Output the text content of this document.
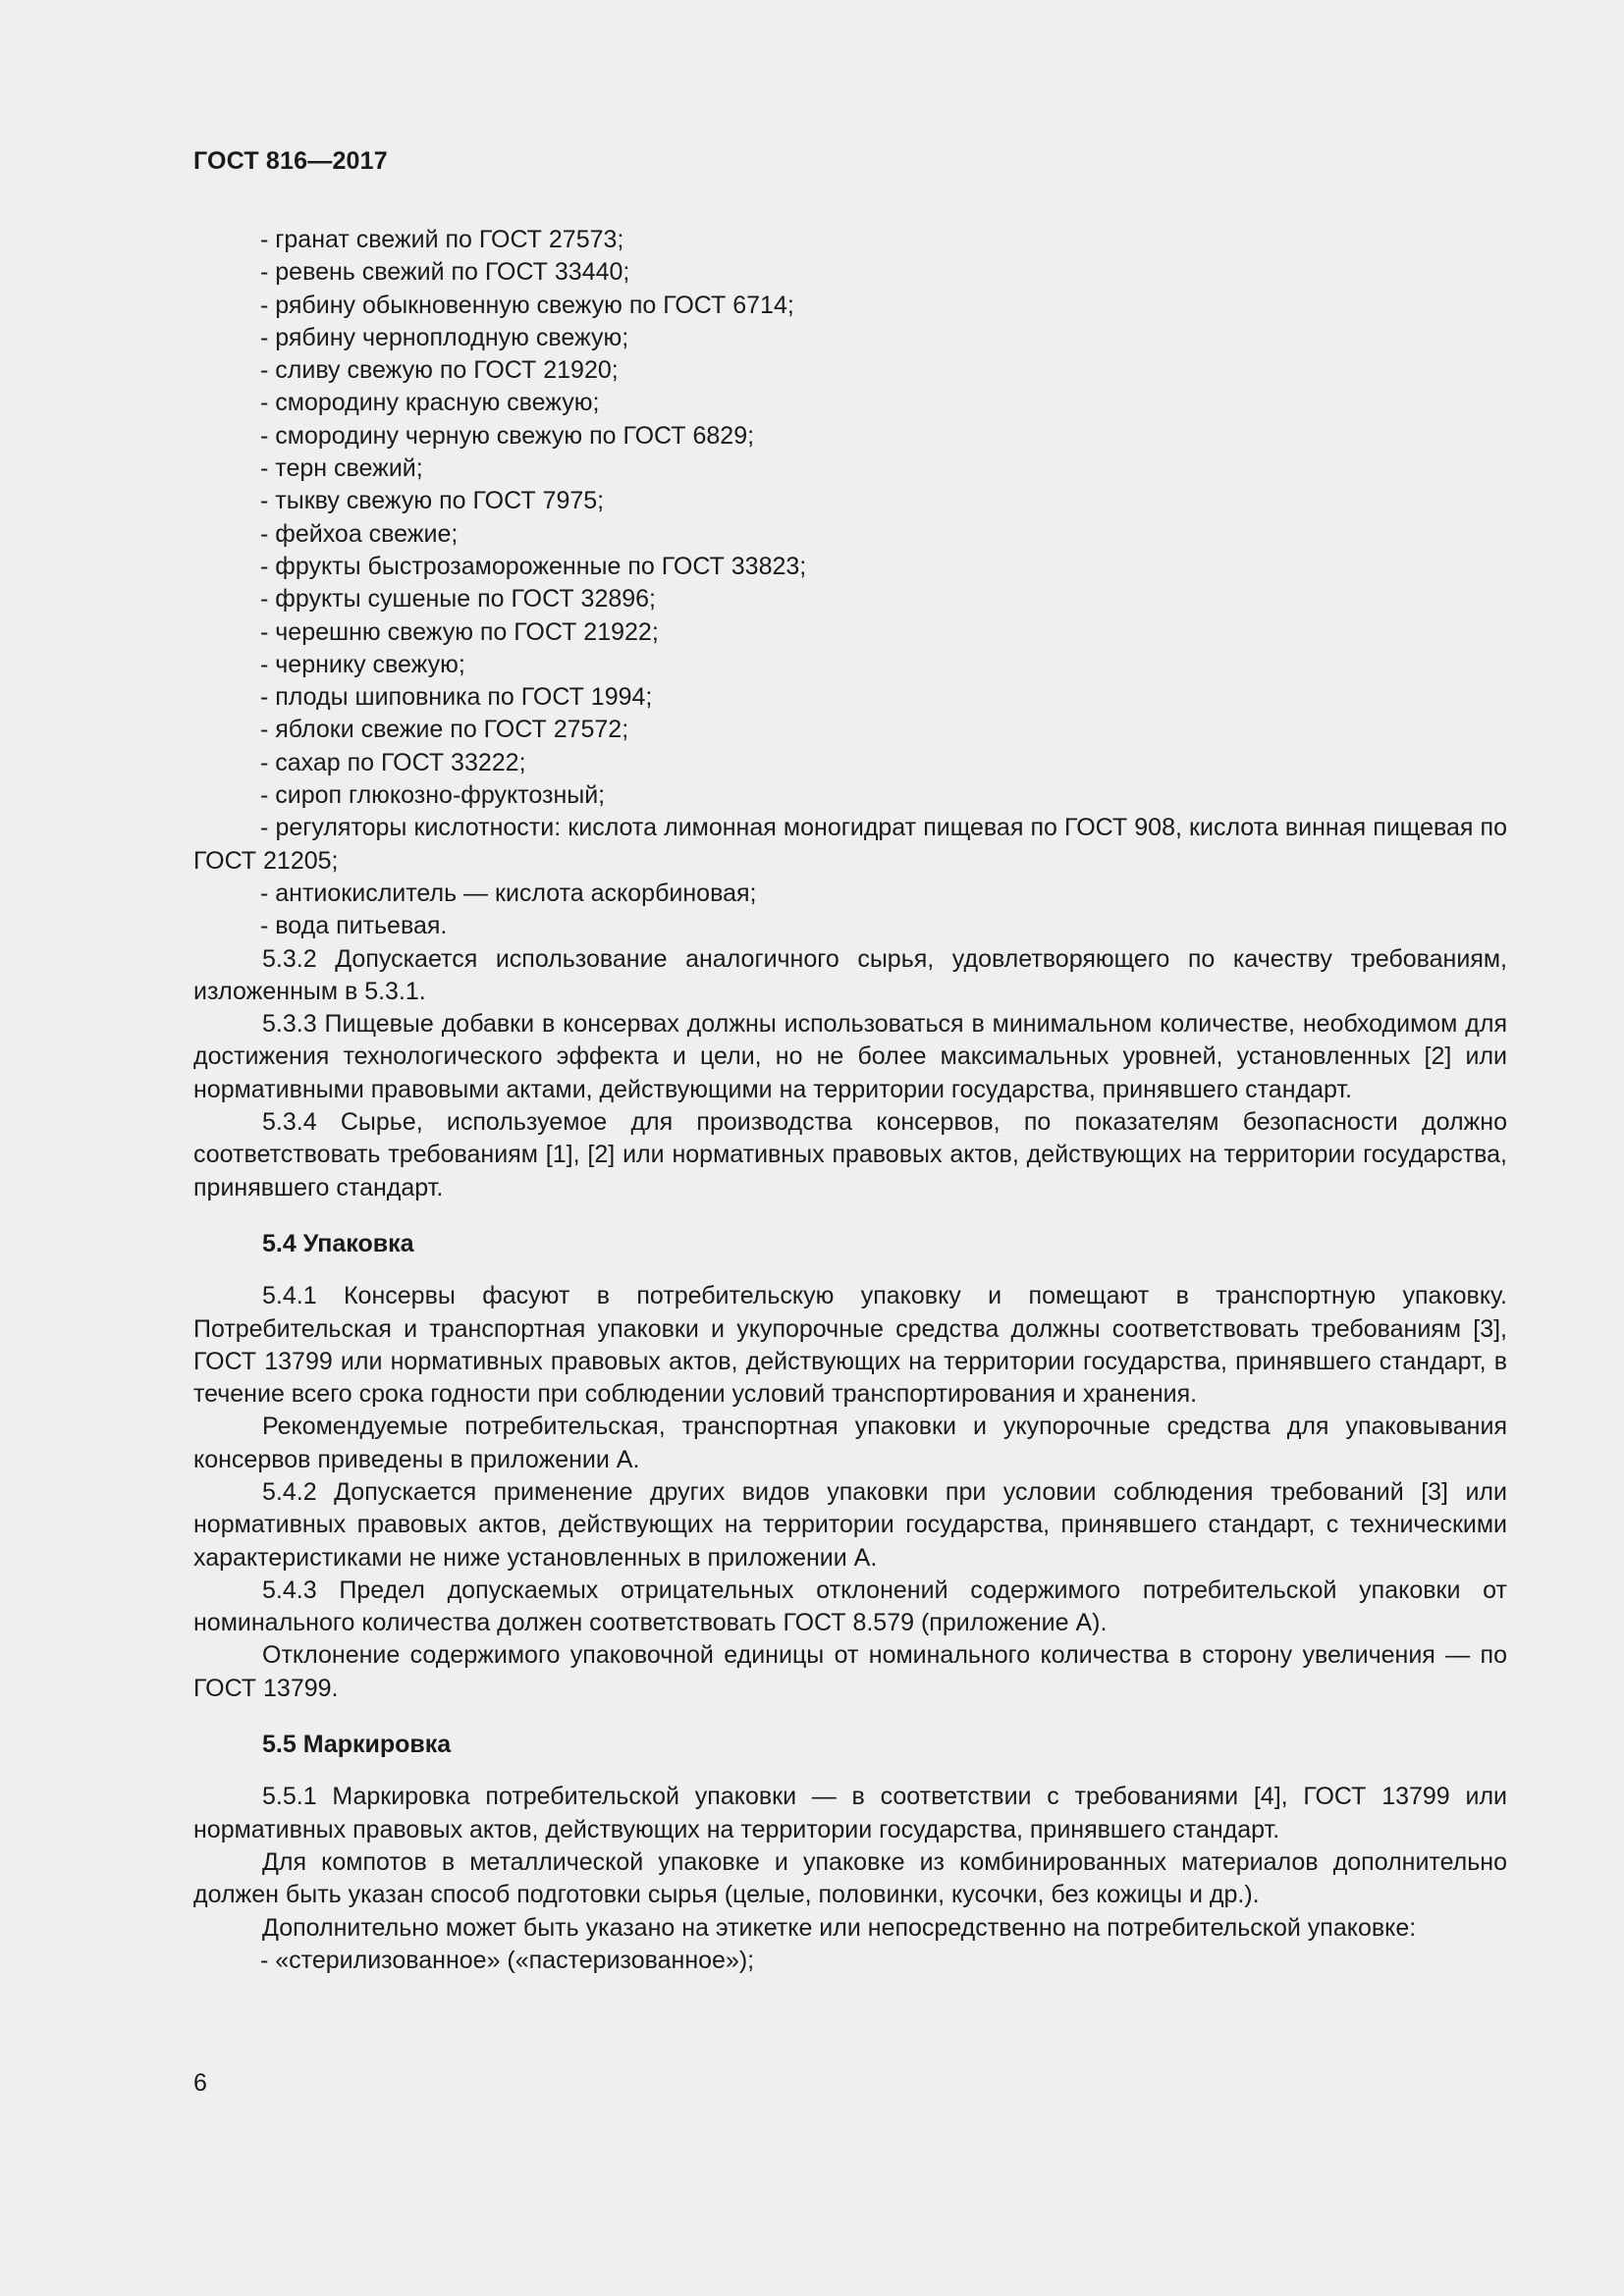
ГОСТ 816—2017
- гранат свежий по ГОСТ 27573;
- ревень свежий по ГОСТ 33440;
- рябину обыкновенную свежую по ГОСТ 6714;
- рябину черноплодную свежую;
- сливу свежую по ГОСТ 21920;
- смородину красную свежую;
- смородину черную свежую по ГОСТ 6829;
- терн свежий;
- тыкву свежую по ГОСТ 7975;
- фейхоа свежие;
- фрукты быстрозамороженные по ГОСТ 33823;
- фрукты сушеные по ГОСТ 32896;
- черешню свежую по ГОСТ 21922;
- чернику свежую;
- плоды шиповника по ГОСТ 1994;
- яблоки свежие по ГОСТ 27572;
- сахар по ГОСТ 33222;
- сироп глюкозно-фруктозный;
- регуляторы кислотности: кислота лимонная моногидрат пищевая по ГОСТ 908, кислота винная пищевая по ГОСТ 21205;
- антиокислитель — кислота аскорбиновая;
- вода питьевая.
5.3.2 Допускается использование аналогичного сырья, удовлетворяющего по качеству требованиям, изложенным в 5.3.1.
5.3.3 Пищевые добавки в консервах должны использоваться в минимальном количестве, необходимом для достижения технологического эффекта и цели, но не более максимальных уровней, установленных [2] или нормативными правовыми актами, действующими на территории государства, принявшего стандарт.
5.3.4 Сырье, используемое для производства консервов, по показателям безопасности должно соответствовать требованиям [1], [2] или нормативных правовых актов, действующих на территории государства, принявшего стандарт.
5.4 Упаковка
5.4.1 Консервы фасуют в потребительскую упаковку и помещают в транспортную упаковку. Потребительская и транспортная упаковки и укупорочные средства должны соответствовать требованиям [3], ГОСТ 13799 или нормативных правовых актов, действующих на территории государства, принявшего стандарт, в течение всего срока годности при соблюдении условий транспортирования и хранения.
Рекомендуемые потребительская, транспортная упаковки и укупорочные средства для упаковывания консервов приведены в приложении А.
5.4.2 Допускается применение других видов упаковки при условии соблюдения требований [3] или нормативных правовых актов, действующих на территории государства, принявшего стандарт, с техническими характеристиками не ниже установленных в приложении А.
5.4.3 Предел допускаемых отрицательных отклонений содержимого потребительской упаковки от номинального количества должен соответствовать ГОСТ 8.579 (приложение А).
Отклонение содержимого упаковочной единицы от номинального количества в сторону увеличения — по ГОСТ 13799.
5.5 Маркировка
5.5.1 Маркировка потребительской упаковки — в соответствии с требованиями [4], ГОСТ 13799 или нормативных правовых актов, действующих на территории государства, принявшего стандарт.
Для компотов в металлической упаковке и упаковке из комбинированных материалов дополнительно должен быть указан способ подготовки сырья (целые, половинки, кусочки, без кожицы и др.).
Дополнительно может быть указано на этикетке или непосредственно на потребительской упаковке:
- «стерилизованное» («пастеризованное»);
6
